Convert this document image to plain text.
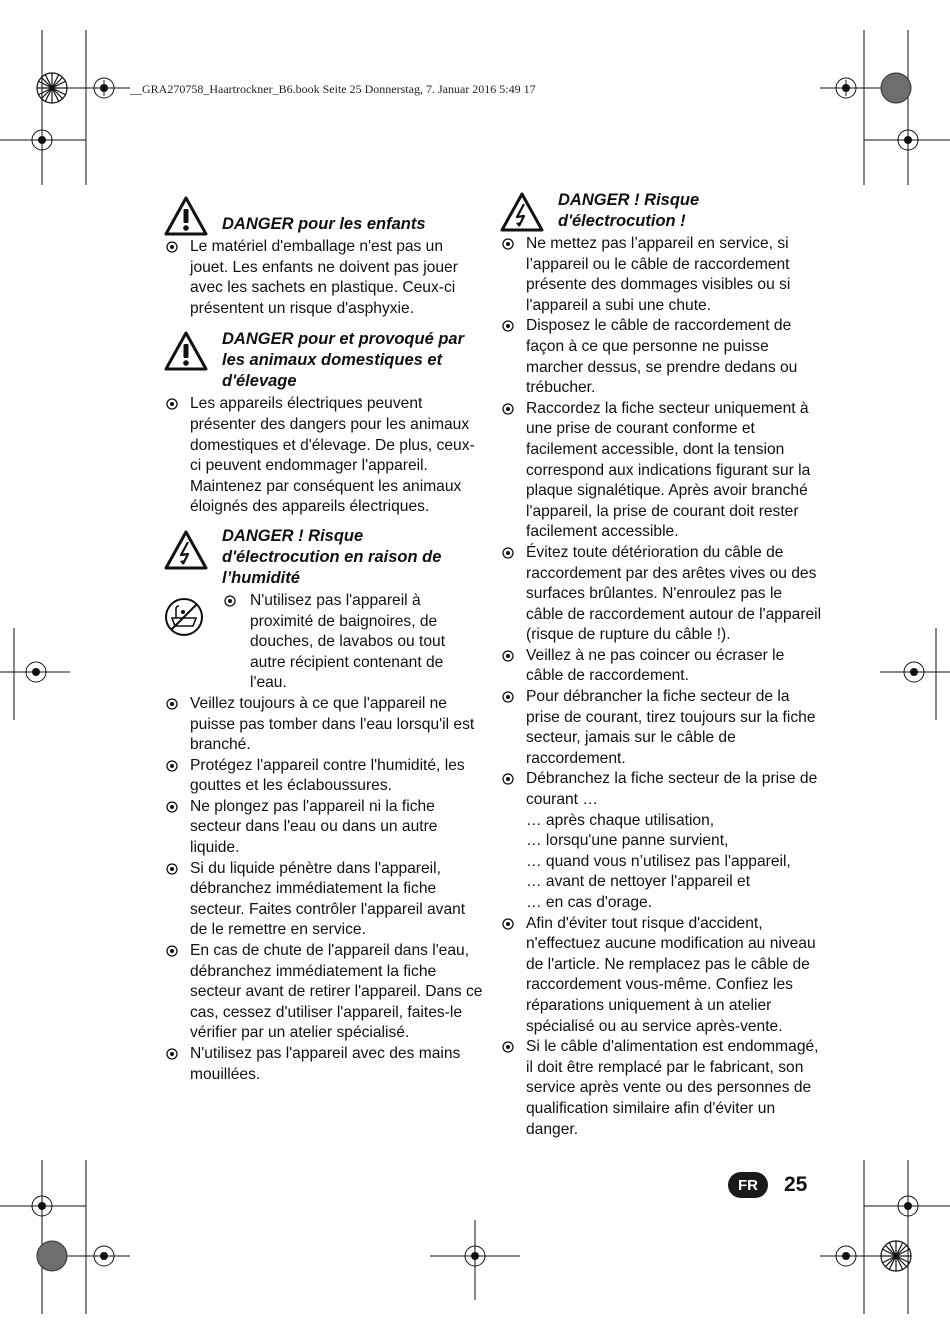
__GRA270758_Haartrockner_B6.book Seite 25 Donnerstag, 7. Januar 2016 5:49 17
DANGER pour les enfants
Le matériel d'emballage n'est pas un jouet. Les enfants ne doivent pas jouer avec les sachets en plastique. Ceux-ci présentent un risque d'asphyxie.
DANGER pour et provoqué par les animaux domestiques et d'élevage
Les appareils électriques peuvent présenter des dangers pour les animaux domestiques et d'élevage. De plus, ceux-ci peuvent endommager l'appareil. Maintenez par conséquent les animaux éloignés des appareils électriques.
DANGER ! Risque d'électrocution en raison de l’humidité
N'utilisez pas l'appareil à proximité de baignoires, de douches, de lavabos ou tout autre récipient contenant de l'eau.
Veillez toujours à ce que l'appareil ne puisse pas tomber dans l'eau lorsqu'il est branché.
Protégez l'appareil contre l'humidité, les gouttes et les éclaboussures.
Ne plongez pas l'appareil ni la fiche secteur dans l'eau ou dans un autre liquide.
Si du liquide pénètre dans l'appareil, débranchez immédiatement la fiche secteur. Faites contrôler l'appareil avant de le remettre en service.
En cas de chute de l'appareil dans l'eau, débranchez immédiatement la fiche secteur avant de retirer l'appareil. Dans ce cas, cessez d'utiliser l'appareil, faites-le vérifier par un atelier spécialisé.
N'utilisez pas l'appareil avec des mains mouillées.
DANGER ! Risque d'électrocution !
Ne mettez pas l’appareil en service, si l’appareil ou le câble de raccordement présente des dommages visibles ou si l'appareil a subi une chute.
Disposez le câble de raccordement de façon à ce que personne ne puisse marcher dessus, se prendre dedans ou trébucher.
Raccordez la fiche secteur uniquement à une prise de courant conforme et facilement accessible, dont la tension correspond aux indications figurant sur la plaque signalétique. Après avoir branché l'appareil, la prise de courant doit rester facilement accessible.
Évitez toute détérioration du câble de raccordement par des arêtes vives ou des surfaces brûlantes. N'enroulez pas le câble de raccordement autour de l'appareil (risque de rupture du câble !).
Veillez à ne pas coincer ou écraser le câble de raccordement.
Pour débrancher la fiche secteur de la prise de courant, tirez toujours sur la fiche secteur, jamais sur le câble de raccordement.
Débranchez la fiche secteur de la prise de courant …
… après chaque utilisation,
… lorsqu'une panne survient,
… quand vous n’utilisez pas l'appareil,
… avant de nettoyer l'appareil et
… en cas d'orage.
Afin d'éviter tout risque d'accident, n'effectuez aucune modification au niveau de l'article. Ne remplacez pas le câble de raccordement vous-même. Confiez les réparations uniquement à un atelier spécialisé ou au service après-vente.
Si le câble d'alimentation est endommagé, il doit être remplacé par le fabricant, son service après vente ou des personnes de qualification similaire afin d'éviter un danger.
FR	25
